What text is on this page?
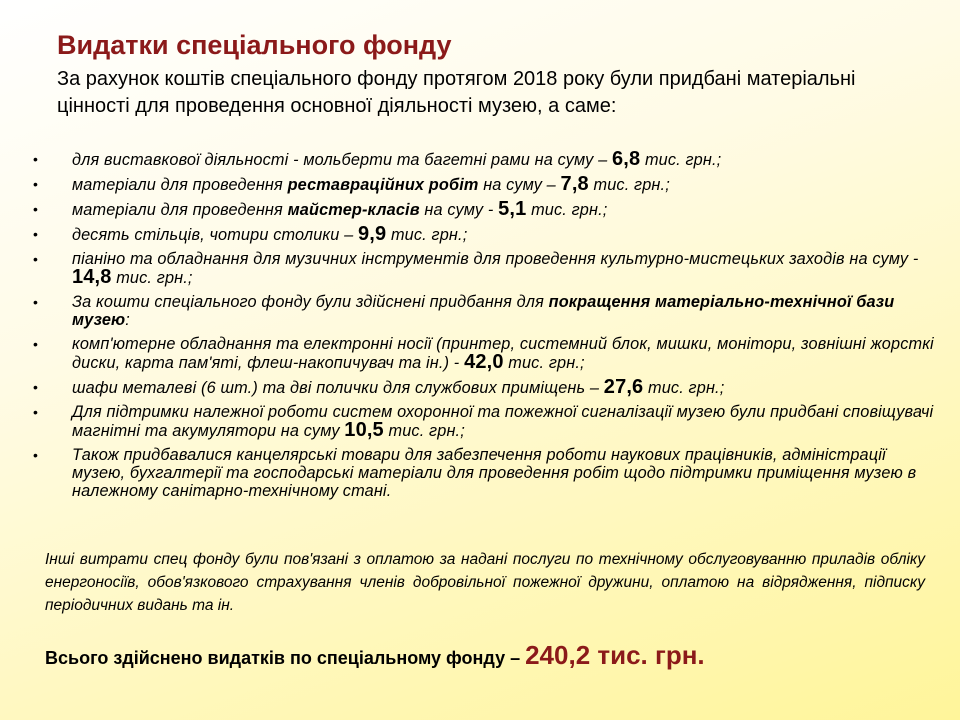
Видатки спеціального фонду
За рахунок коштів спеціального фонду протягом 2018 року були придбані матеріальні цінності для проведення основної діяльності музею, а саме:
• для виставкової діяльності - мольберти та багетні рами на суму – 6,8 тис. грн.;
• матеріали для проведення реставраційних робіт на суму – 7,8 тис. грн.;
• матеріали для проведення майстер-класів на суму - 5,1 тис. грн.;
• десять стільців, чотири столики – 9,9 тис. грн.;
• піаніно та обладнання для музичних інструментів для проведення культурно-мистецьких заходів на суму - 14,8 тис. грн.;
• За кошти спеціального фонду були здійснені придбання для покращення матеріально-технічної бази музею:
• комп'ютерне обладнання та електронні носії (принтер, системний блок, мишки, монітори, зовнішні жорсткі диски, карта пам'яті, флеш-накопичувач та ін.) - 42,0 тис. грн.;
• шафи металеві (6 шт.) та дві полички для службових приміщень – 27,6 тис. грн.;
• Для підтримки належної роботи систем охоронної та пожежної сигналізації музею були придбані сповіщувачі магнітні та акумулятори на суму 10,5 тис. грн.;
• Також придбавалися канцелярські товари для забезпечення роботи наукових працівників, адміністрації музею, бухгалтерії та господарські матеріали для проведення робіт щодо підтримки приміщення музею в належному санітарно-технічному стані.
Інші витрати спец фонду були пов'язані з оплатою за надані послуги по технічному обслуговуванню приладів обліку енергоносіїв, обов'язкового страхування членів добровільної пожежної дружини, оплатою на відрядження, підписку періодичних видань та ін.
Всього здійснено видатків по спеціальному фонду – 240,2 тис. грн.
